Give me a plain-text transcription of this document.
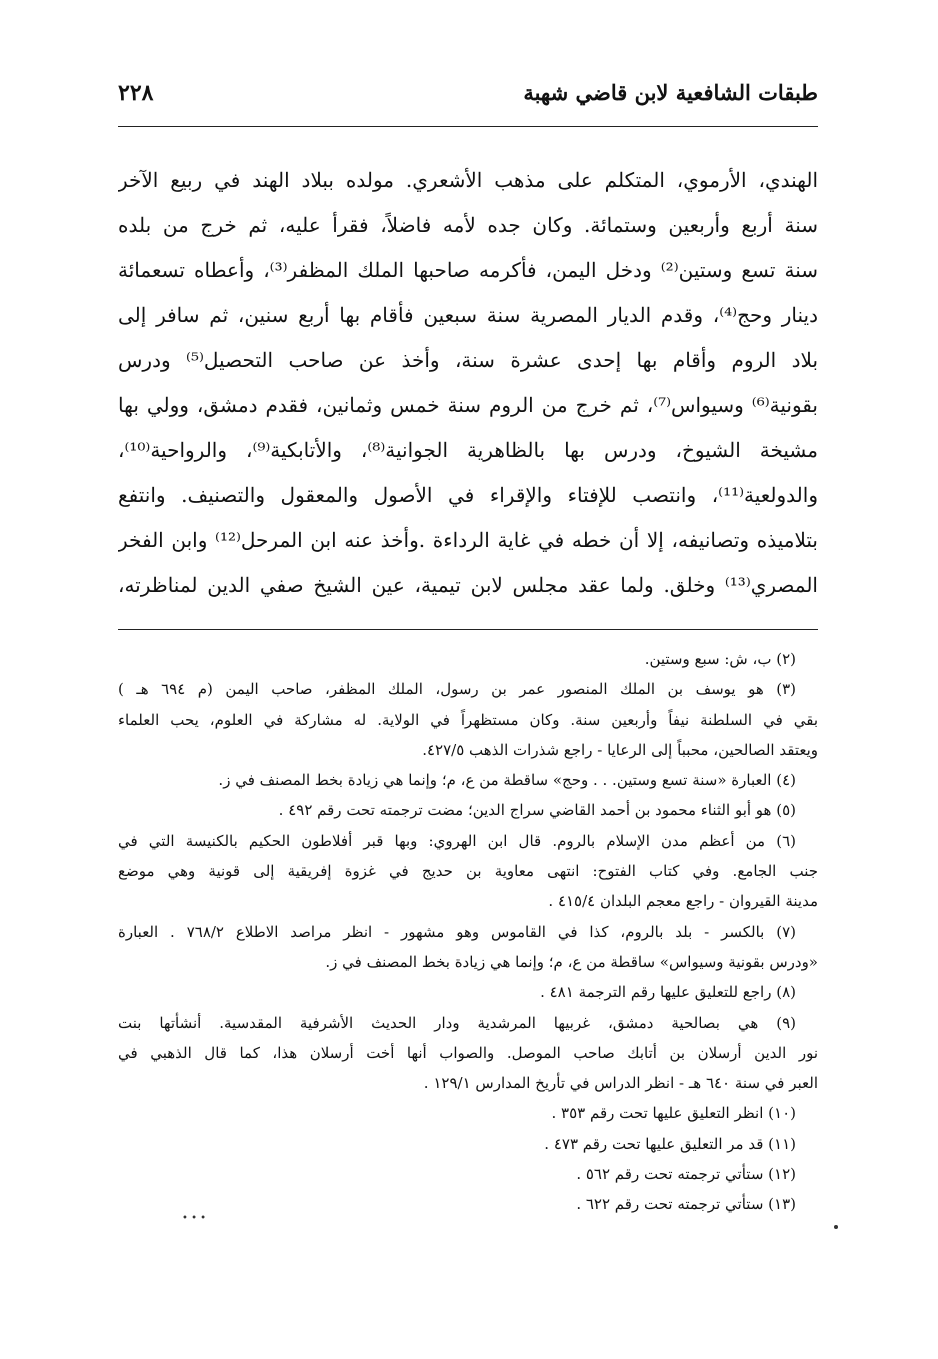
طبقات الشافعية لابن قاضي شهبة
٢٢٨
الهندي، الأرموي، المتكلم على مذهب الأشعري. مولده ببلاد الهند في ربيع الآخر
سنة أربع وأربعين وستمائة. وكان جده لأمه فاضلاً، فقرأ عليه، ثم خرج من بلده
سنة تسع وستين⁽²⁾ ودخل اليمن، فأكرمه صاحبها الملك المظفر⁽³⁾، وأعطاه تسعمائة
دينار وحج⁽⁴⁾، وقدم الديار المصرية سنة سبعين فأقام بها أربع سنين، ثم سافر إلى
بلاد الروم وأقام بها إحدى عشرة سنة، وأخذ عن صاحب التحصيل⁽⁵⁾ ودرس
بقونية⁽⁶⁾ وسيواس⁽⁷⁾، ثم خرج من الروم سنة خمس وثمانين، فقدم دمشق، وولي بها
مشيخة الشيوخ، ودرس بها بالظاهرية الجوانية⁽⁸⁾، والأتابكية⁽⁹⁾، والرواحية⁽¹⁰⁾،
والدولعية⁽¹¹⁾، وانتصب للإفتاء والإقراء في الأصول والمعقول والتصنيف. وانتفع
بتلاميذه وتصانيفه، إلا أن خطه في غاية الرداءة .وأخذ عنه ابن المرحل⁽¹²⁾ وابن الفخر
المصري⁽¹³⁾ وخلق. ولما عقد مجلس لابن تيمية، عين الشيخ صفي الدين لمناظرته،
(٢) ب، ش: سبع وستين.
(٣) هو يوسف بن الملك المنصور عمر بن رسول، الملك المظفر، صاحب اليمن (م ٦٩٤ هـ )
بقي في السلطنة نيفاً وأربعين سنة. وكان مستظهراً في الولاية. له مشاركة في العلوم، يحب العلماء
ويعتقد الصالحين، محبباً إلى الرعايا - راجع شذرات الذهب ٤٢٧/٥.
(٤) العبارة «سنة تسع وستين. . . وحج» ساقطة من ع، م؛ وإنما هي زيادة بخط المصنف في ز.
(٥) هو أبو الثناء محمود بن أحمد القاضي سراج الدين؛ مضت ترجمته تحت رقم ٤٩٢ .
(٦) من أعظم مدن الإسلام بالروم. قال ابن الهروي: وبها قبر أفلاطون الحكيم بالكنيسة التي في
جنب الجامع. وفي كتاب الفتوح: انتهى معاوية بن حديج في غزوة إفريقية إلى قونية وهي موضع
مدينة القيروان - راجع معجم البلدان ٤١٥/٤ .
(٧) بالكسر - بلد بالروم، كذا في القاموس وهو مشهور - انظر مراصد الاطلاع ٧٦٨/٢ . العبارة
«ودرس بقونية وسيواس» ساقطة من ع، م؛ وإنما هي زيادة بخط المصنف في ز.
(٨) راجع للتعليق عليها رقم الترجمة ٤٨١ .
(٩) هي بصالحية دمشق، غربيها المرشدية ودار الحديث الأشرفية المقدسية. أنشأتها بنت
نور الدين أرسلان بن أتابك صاحب الموصل. والصواب أنها أخت أرسلان هذا، كما قال الذهبي في
العبر في سنة ٦٤٠ هـ - انظر الدراس في تأريخ المدارس ١٢٩/١ .
(١٠) انظر التعليق عليها تحت رقم ٣٥٣ .
(١١) قد مر التعليق عليها تحت رقم ٤٧٣ .
(١٢) ستأتي ترجمته تحت رقم ٥٦٢ .
(١٣) ستأتي ترجمته تحت رقم ٦٢٢ .
• • •
